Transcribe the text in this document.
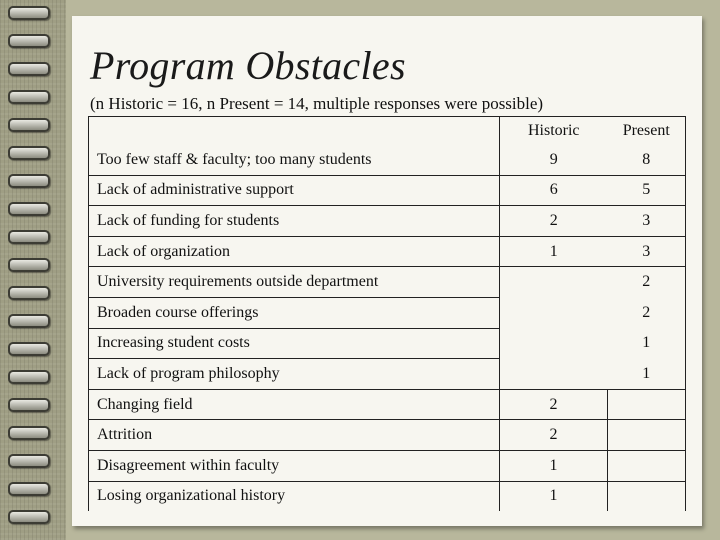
Program Obstacles
(n Historic = 16, n Present = 14, multiple responses were possible)
	Historic	Present
Too few staff & faculty; too many students	9	8
Lack of administrative support	6	5
Lack of funding for students	2	3
Lack of organization	1	3
University requirements outside department		2
Broaden course offerings		2
Increasing student costs		1
Lack of program philosophy		1
Changing field	2	
Attrition	2	
Disagreement within faculty	1	
Losing organizational history	1	
